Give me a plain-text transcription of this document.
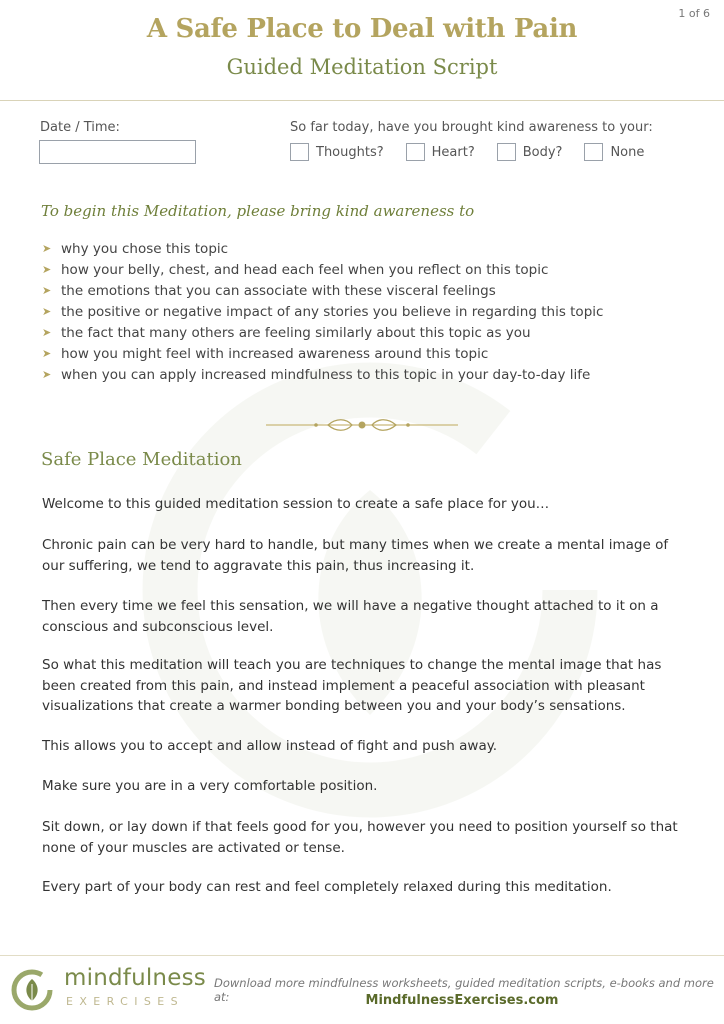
1 of 6
A Safe Place to Deal with Pain
Guided Meditation Script
Date / Time:	So far today, have you brought kind awareness to your:
Thoughts?	Heart?	Body?	None
To begin this Meditation, please bring kind awareness to
➤ why you chose this topic
➤ how your belly, chest, and head each feel when you reflect on this topic
➤ the emotions that you can associate with these visceral feelings
➤ the positive or negative impact of any stories you believe in regarding this topic
➤ the fact that many others are feeling similarly about this topic as you
➤ how you might feel with increased awareness around this topic
➤ when you can apply increased mindfulness to this topic in your day-to-day life
Safe Place Meditation

Welcome to this guided meditation session to create a safe place for you…

Chronic pain can be very hard to handle, but many times when we create a mental image of our suffering, we tend to aggravate this pain, thus increasing it.

Then every time we feel this sensation, we will have a negative thought attached to it on a conscious and subconscious level.

So what this meditation will teach you are techniques to change the mental image that has been created from this pain, and instead implement a peaceful association with pleasant visualizations that create a warmer bonding between you and your body’s sensations.

This allows you to accept and allow instead of fight and push away.

Make sure you are in a very comfortable position.

Sit down, or lay down if that feels good for you, however you need to position yourself so that none of your muscles are activated or tense.

Every part of your body can rest and feel completely relaxed during this meditation.

mindfulness
EXERCISES
Download more mindfulness worksheets, guided meditation scripts, e-books and more at:	MindfulnessExercises.com
